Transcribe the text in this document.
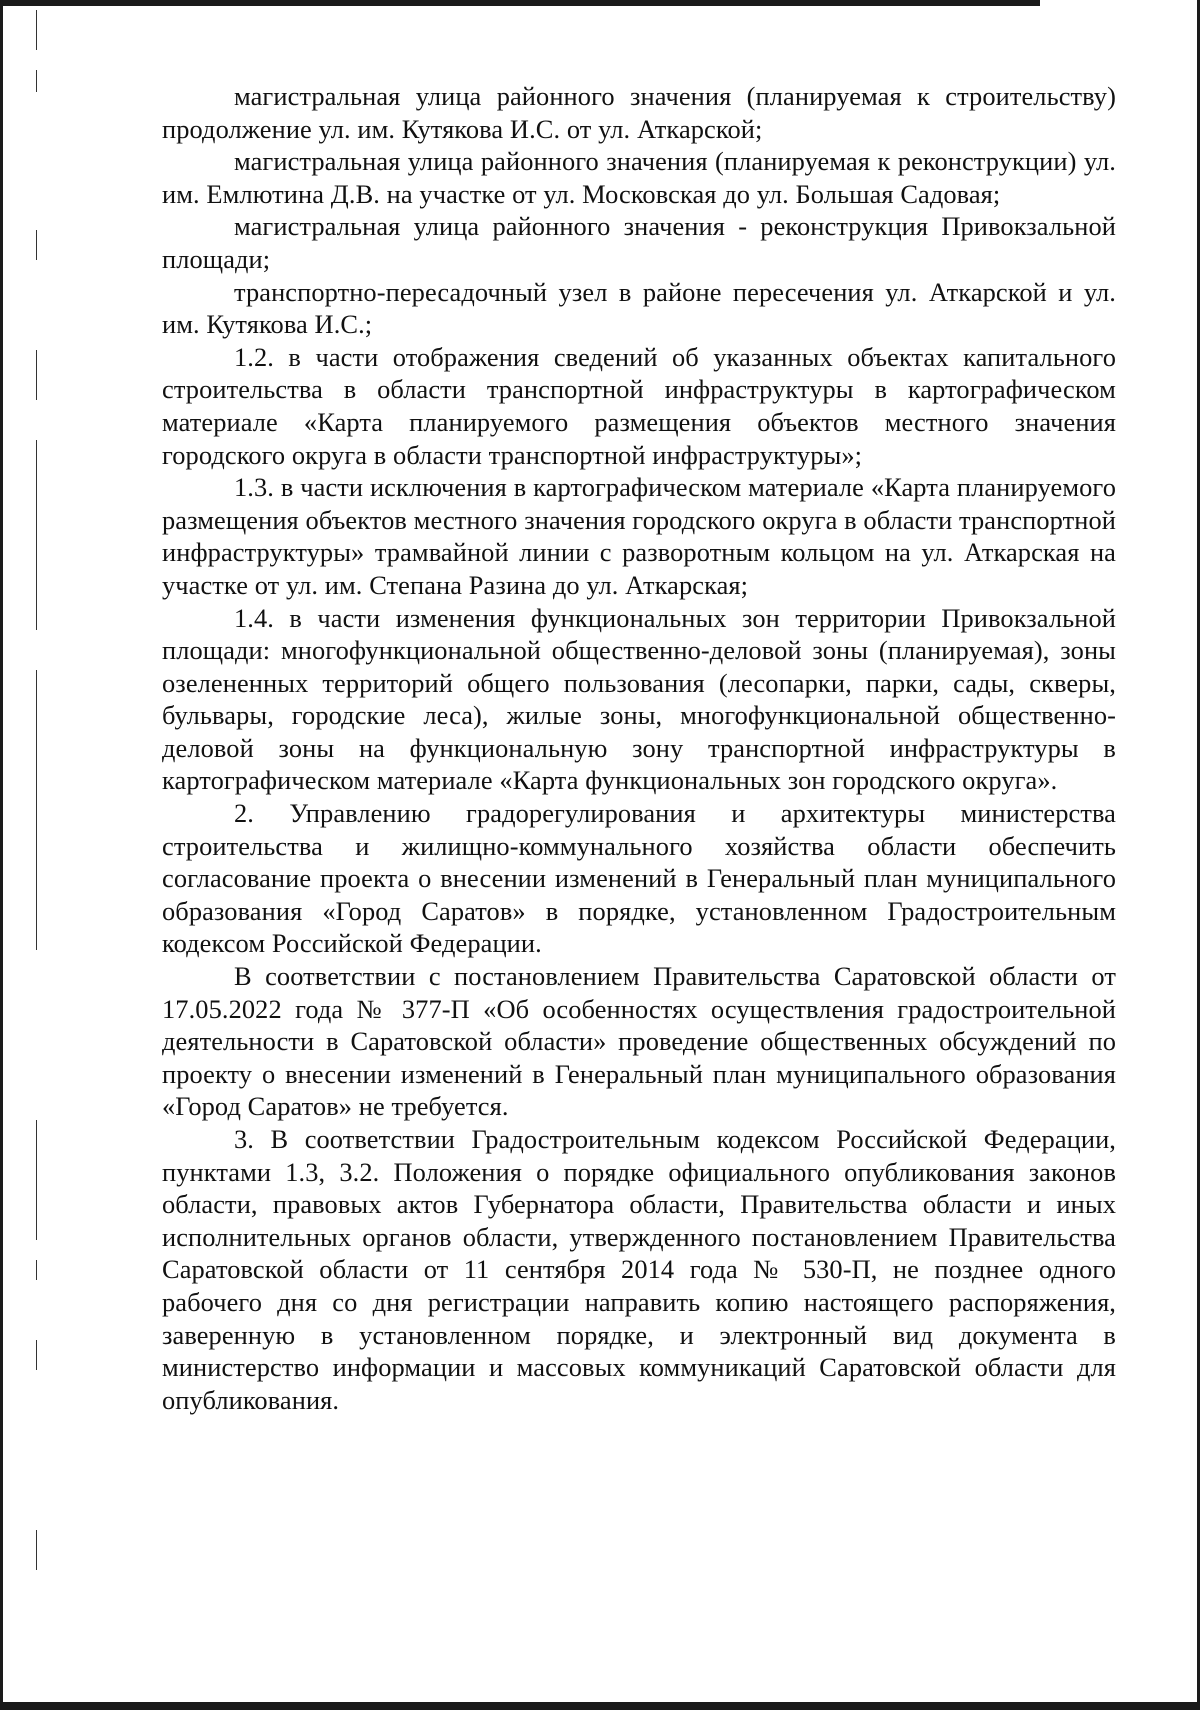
магистральная улица районного значения (планируемая к строительству) продолжение ул. им. Кутякова И.С. от ул. Аткарской;

магистральная улица районного значения (планируемая к реконструкции) ул. им. Емлютина Д.В. на участке от ул. Московская до ул. Большая Садовая;

магистральная улица районного значения - реконструкция Привокзальной площади;

транспортно-пересадочный узел в районе пересечения ул. Аткарской и ул. им. Кутякова И.С.;

1.2. в части отображения сведений об указанных объектах капитального строительства в области транспортной инфраструктуры в картографическом материале «Карта планируемого размещения объектов местного значения городского округа в области транспортной инфраструктуры»;

1.3. в части исключения в картографическом материале «Карта планируемого размещения объектов местного значения городского округа в области транспортной инфраструктуры» трамвайной линии с разворотным кольцом на ул. Аткарская на участке от ул. им. Степана Разина до ул. Аткарская;

1.4. в части изменения функциональных зон территории Привокзальной площади: многофункциональной общественно-деловой зоны (планируемая), зоны озелененных территорий общего пользования (лесопарки, парки, сады, скверы, бульвары, городские леса), жилые зоны, многофункциональной общественно-деловой зоны на функциональную зону транспортной инфраструктуры в картографическом материале «Карта функциональных зон городского округа».

2. Управлению градорегулирования и архитектуры министерства строительства и жилищно-коммунального хозяйства области обеспечить согласование проекта о внесении изменений в Генеральный план муниципального образования «Город Саратов» в порядке, установленном Градостроительным кодексом Российской Федерации.

В соответствии с постановлением Правительства Саратовской области от 17.05.2022 года № 377-П «Об особенностях осуществления градостроительной деятельности в Саратовской области» проведение общественных обсуждений по проекту о внесении изменений в Генеральный план муниципального образования «Город Саратов» не требуется.

3. В соответствии Градостроительным кодексом Российской Федерации, пунктами 1.3, 3.2. Положения о порядке официального опубликования законов области, правовых актов Губернатора области, Правительства области и иных исполнительных органов области, утвержденного постановлением Правительства Саратовской области от 11 сентября 2014 года № 530-П, не позднее одного рабочего дня со дня регистрации направить копию настоящего распоряжения, заверенную в установленном порядке, и электронный вид документа в министерство информации и массовых коммуникаций Саратовской области для опубликования.
